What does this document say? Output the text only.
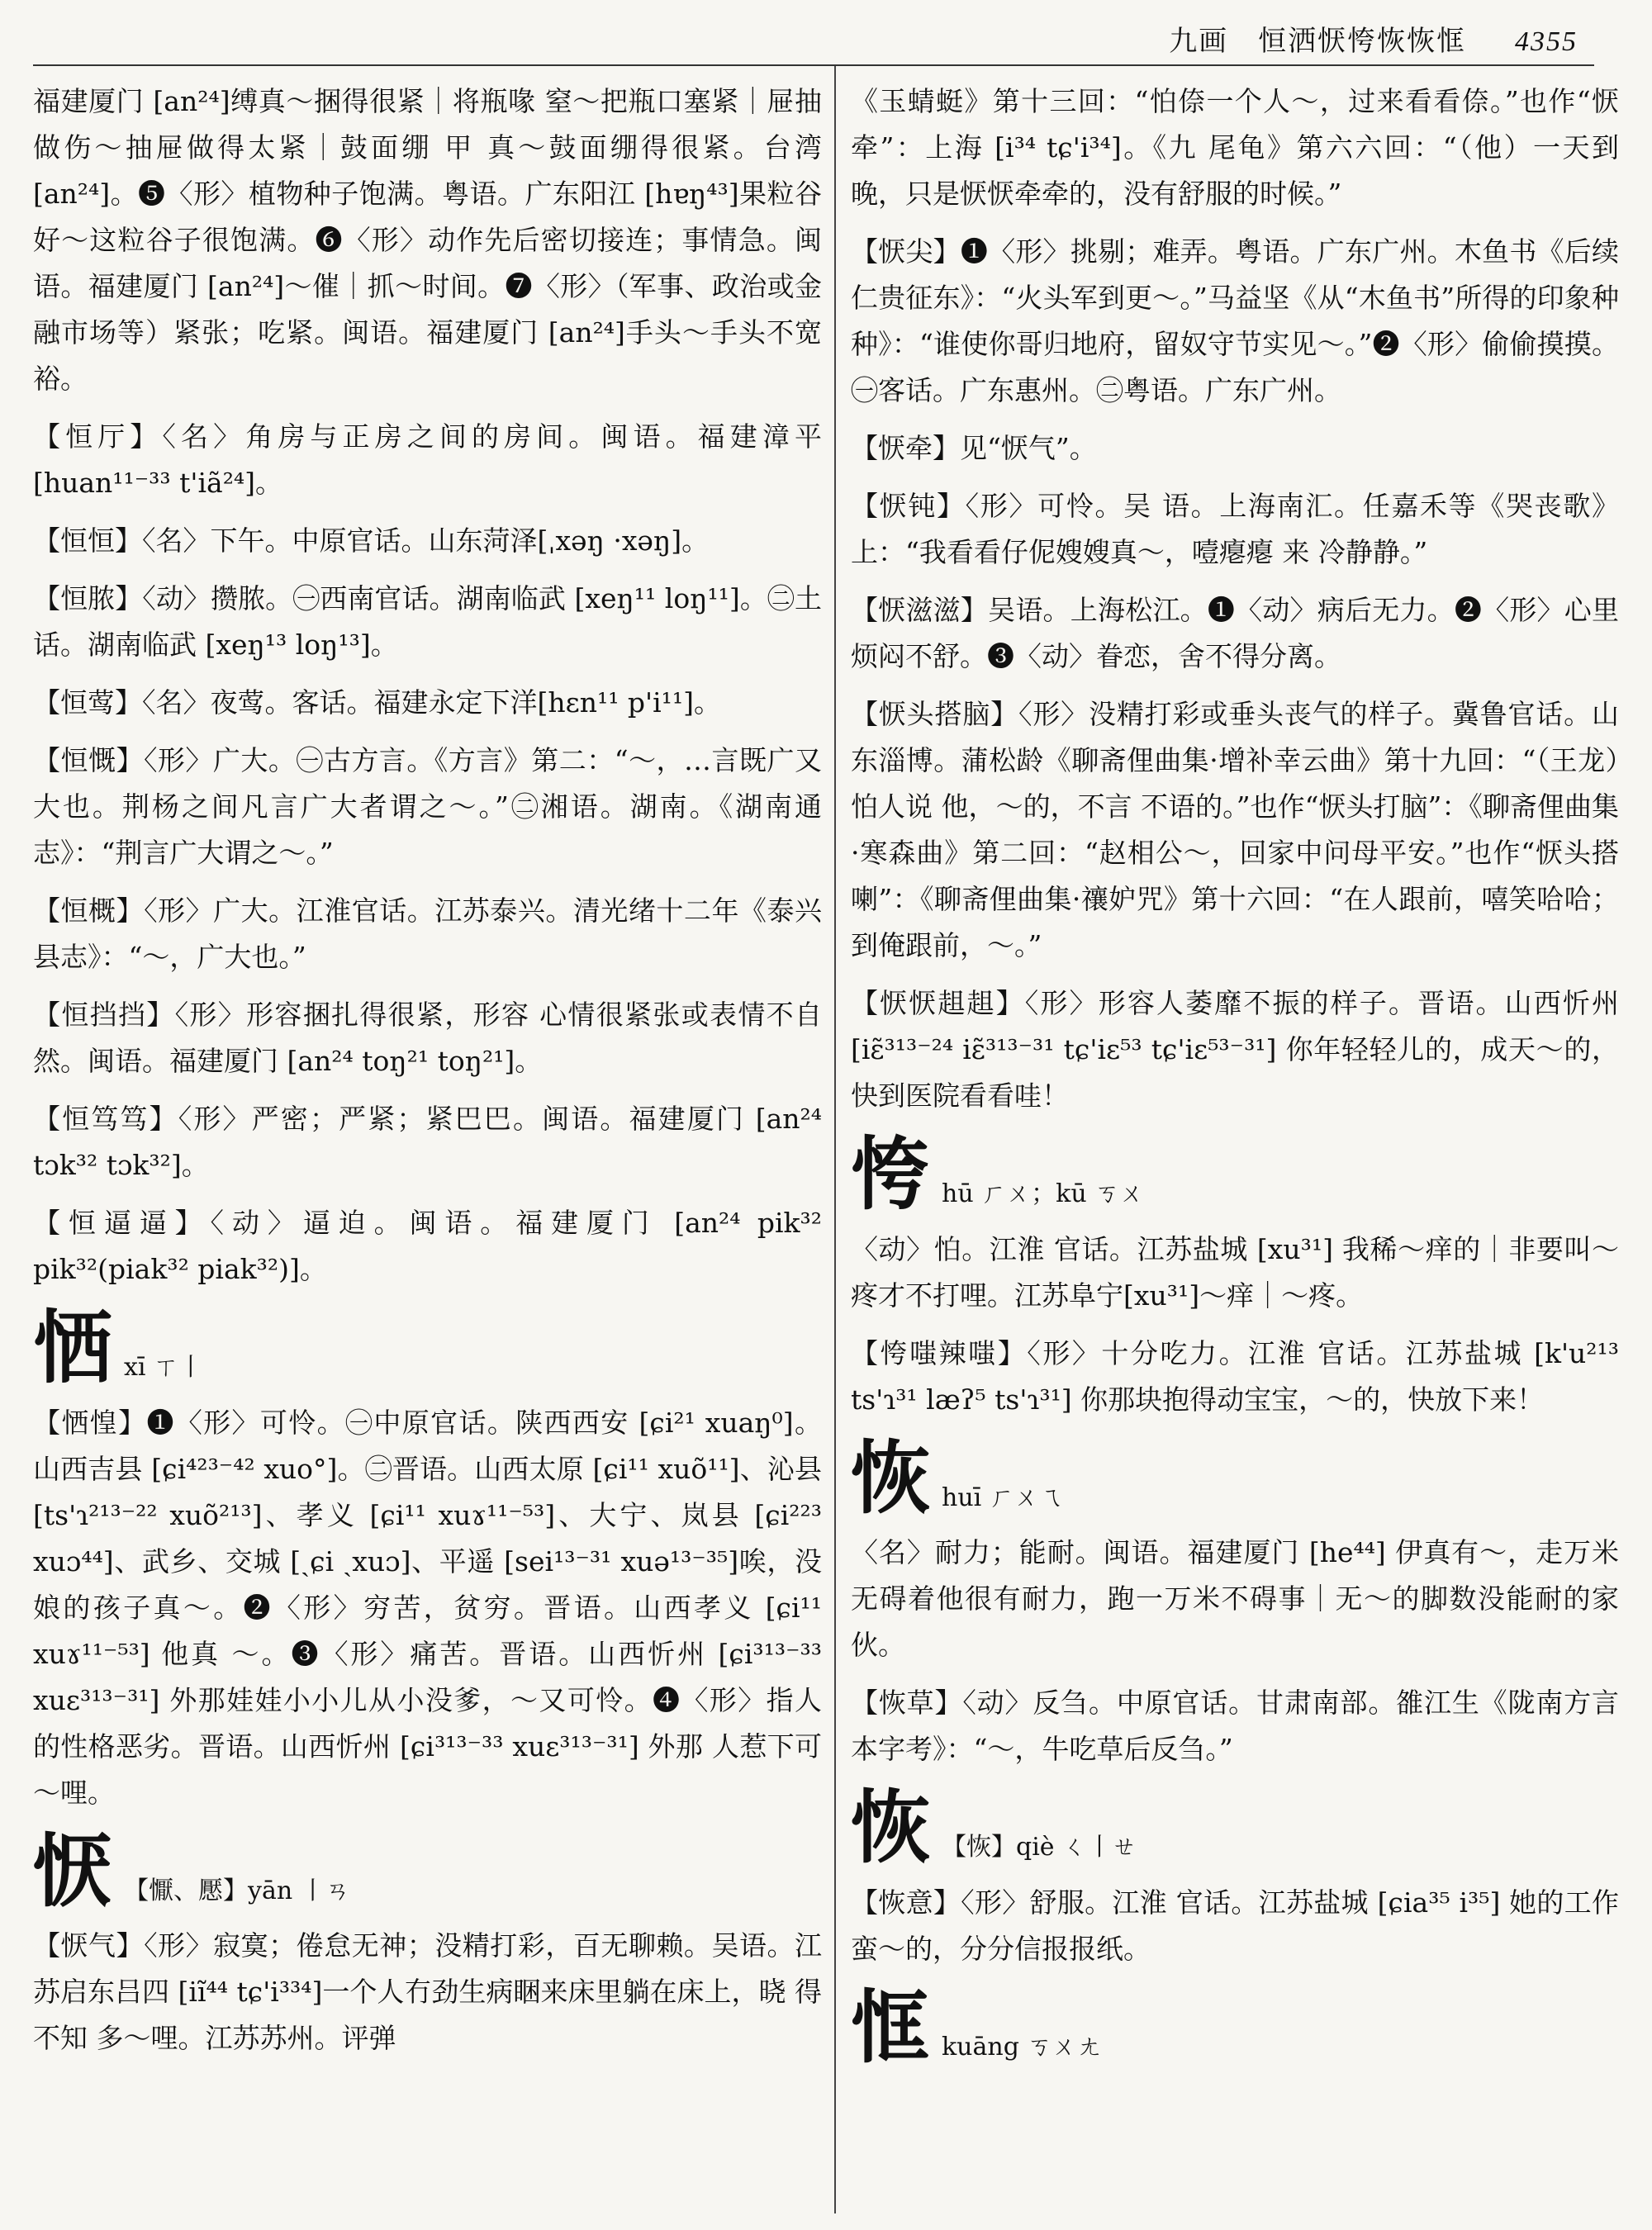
九画　恒洒恹恗恢恢恇 4355

福建厦门 [an²⁴]缚真～捆得很紧｜将瓶喙 窒～把瓶口塞紧｜屉抽做伤～抽屉做得太紧｜鼓面绷 甲 真～鼓面绷得很紧。台湾 [an²⁴]。❺〈形〉植物种子饱满。粤语。广东阳江 [hɐŋ⁴³]果粒谷好～这粒谷子很饱满。❻〈形〉动作先后密切接连；事情急。闽语。福建厦门 [an²⁴]～催｜抓～时间。❼〈形〉（军事、政治或金融市场等）紧张；吃紧。闽语。福建厦门 [an²⁴]手头～手头不宽裕。

【恒厅】〈名〉角房与正房之间的房间。闽语。福建漳平 [huan¹¹⁻³³ t'iã²⁴]。

【恒恒】〈名〉下午。中原官话。山东菏泽[ˌxəŋ ·xəŋ]。

【恒脓】〈动〉攒脓。㊀西南官话。湖南临武 [xeŋ¹¹ loŋ¹¹]。㊁土话。湖南临武 [xeŋ¹³ loŋ¹³]。

【恒莺】〈名〉夜莺。客话。福建永定下洋[hɛn¹¹ p'i¹¹]。

【恒慨】〈形〉广大。㊀古方言。《方言》第二：“～，…言既广又大也。荆杨之间凡言广大者谓之～。”㊁湘语。湖南。《湖南通志》：“荆言广大谓之～。”

【恒概】〈形〉广大。江淮官话。江苏泰兴。清光绪十二年《泰兴县志》：“～，广大也。”

【恒挡挡】〈形〉形容捆扎得很紧，形容 心情很紧张或表情不自然。闽语。福建厦门 [an²⁴ toŋ²¹ toŋ²¹]。

【恒笃笃】〈形〉严密；严紧；紧巴巴。闽语。福建厦门 [an²⁴ tɔk³² tɔk³²]。

【恒逼逼】〈动〉逼迫。闽语。福建厦门 [an²⁴ pik³² pik³²(piak³² piak³²)]。

恓xī ㄒ丨

【恓惶】❶〈形〉可怜。㊀中原官话。陕西西安 [ɕi²¹ xuaŋ⁰]。山西吉县 [ɕi⁴²³⁻⁴² xuo°]。㊁晋语。山西太原 [ɕi¹¹ xuõ¹¹]、沁县 [ts'ɿ²¹³⁻²² xuõ²¹³]、孝义 [ɕi¹¹ xuɤ¹¹⁻⁵³]、大宁、岚县 [ɕi²²³ xuɔ⁴⁴]、武乡、交城 [ˏɕi ˏxuɔ]、平遥 [sei¹³⁻³¹ xuə¹³⁻³⁵]唉，没娘的孩子真～。❷〈形〉穷苦，贫穷。晋语。山西孝义 [ɕi¹¹ xuɤ¹¹⁻⁵³] 他真 ～。❸〈形〉痛苦。晋语。山西忻州 [ɕi³¹³⁻³³ xuɛ³¹³⁻³¹] 外那娃娃小小儿从小没爹，～又可怜。❹〈形〉指人的性格恶劣。晋语。山西忻州 [ɕi³¹³⁻³³ xuɛ³¹³⁻³¹] 外那 人惹下可～哩。

恹 【懨、懕】yān 丨ㄢ

【恹气】〈形〉寂寞；倦怠无神；没精打彩，百无聊赖。吴语。江苏启东吕四 [iĩ⁴⁴ tɕ'i³³⁴]一个人冇劲生病睏来床里躺在床上，晓 得不知 多～哩。江苏苏州。评弹

《玉蜻蜓》第十三回：“怕倷一个人～，过来看看倷。”也作“恹牵”：上海 [i³⁴ tɕ'i³⁴]。《九 尾龟》第六六回：“（他）一天到晚，只是恹恹牵牵的，没有舒服的时候。”

【恹尖】❶〈形〉挑剔；难弄。粤语。广东广州。木鱼书《后续仁贵征东》：“火头军到更～。”马益坚《从“木鱼书”所得的印象种种》：“谁使你哥归地府，留奴守节实见～。”❷〈形〉偷偷摸摸。㊀客话。广东惠州。㊁粤语。广东广州。

【恹牵】见“恹气”。

【恹钝】〈形〉可怜。吴 语。上海南汇。任嘉禾等《哭丧歌》上：“我看看仔伲嫂嫂真～，噎瘪瘪 来 冷静静。”

【恹滋滋】吴语。上海松江。❶〈动〉病后无力。❷〈形〉心里烦闷不舒。❸〈动〉眷恋，舍不得分离。

【恹头搭脑】〈形〉没精打彩或垂头丧气的样子。冀鲁官话。山东淄博。蒲松龄《聊斋俚曲集·增补幸云曲》第十九回：“（王龙）怕人说 他，～的，不言 不语的。”也作“恹头打脑”：《聊斋俚曲集·寒森曲》第二回：“赵相公～，回家中问母平安。”也作“恹头搭喇”：《聊斋俚曲集·禳妒咒》第十六回：“在人跟前，嘻笑哈哈；到俺跟前，～。”

【恹恹趄趄】〈形〉形容人萎靡不振的样子。晋语。山西忻州[iɛ̃³¹³⁻²⁴ iɛ̃³¹³⁻³¹ tɕ'iɛ⁵³ tɕ'iɛ⁵³⁻³¹] 你年轻轻儿的，成天～的，快到医院看看哇！

恗hū ㄏㄨ；kū ㄎㄨ

〈动〉怕。江淮 官话。江苏盐城 [xu³¹] 我稀～痒的｜非要叫～疼才不打哩。江苏阜宁[xu³¹]～痒｜～疼。

【恗嗤辣嗤】〈形〉十分吃力。江淮 官话。江苏盐城 [k'u²¹³ ts'ɿ³¹ læʔ⁵ ts'ɿ³¹] 你那块抱得动宝宝，～的，快放下来！

恢huī ㄏㄨㄟ

〈名〉耐力；能耐。闽语。福建厦门 [he⁴⁴] 伊真有～，走万米无碍着他很有耐力，跑一万米不碍事｜无～的脚数没能耐的家伙。

【恢草】〈动〉反刍。中原官话。甘肃南部。雒江生《陇南方言本字考》：“～，牛吃草后反刍。”

恢 【恢】qiè ㄑ丨ㄝ

【恢意】〈形〉舒服。江淮 官话。江苏盐城 [ɕia³⁵ i³⁵] 她的工作蛮～的，分分信报报纸。

恇kuāng ㄎㄨㄤ
